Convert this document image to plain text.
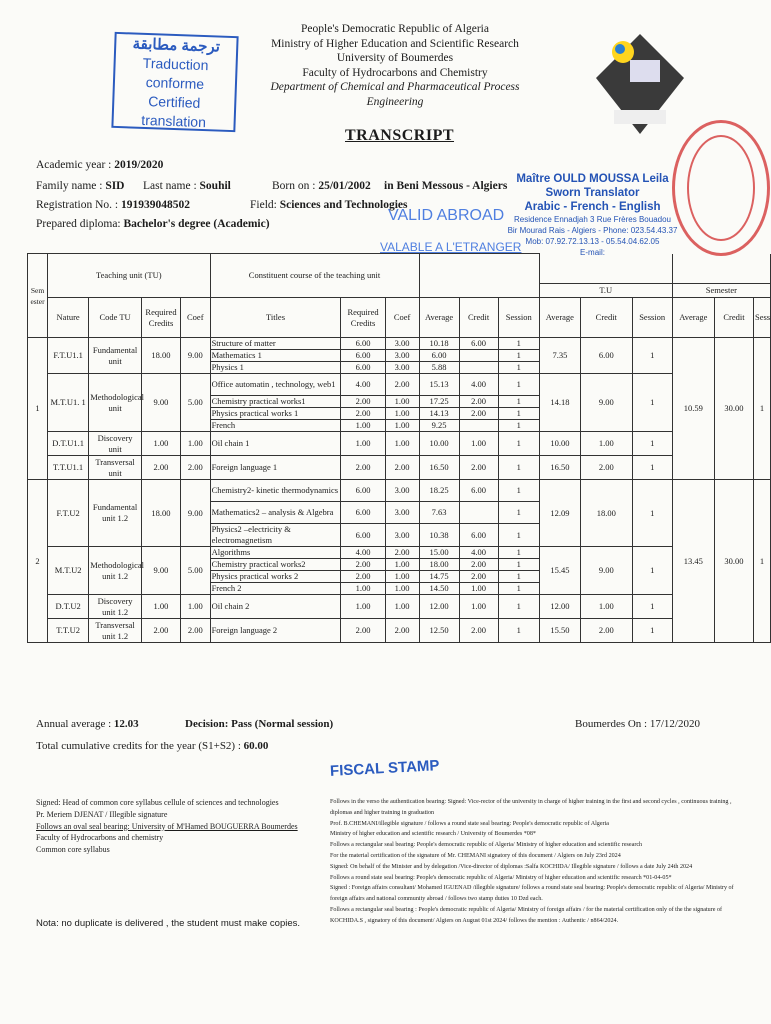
People's Democratic Republic of Algeria
Ministry of Higher Education and Scientific Research
University of Boumerdes
Faculty of Hydrocarbons and Chemistry
Department of Chemical and Pharmaceutical Process Engineering
TRANSCRIPT
ترجمة مطابقة
Traduction conforme
Certified translation
Academic year : 2019/2020
Family name : SID Last name : Souhil	Born on : 25/01/2002 in Beni Messous - Algiers
Registration No. : 191939048502	Field: Sciences and Technologies
Prepared diploma: Bachelor's degree (Academic)	VALID ABROAD
VALABLE A L'ETRANGER
Maître OULD MOUSSA Leila
Sworn Translator
Arabic - French - English
Residence Ennadjah 3 Rue Frères Bouadou
Bir Mourad Rais - Algiers - Phone: 023.54.43.37
Mob: 07.92.72.13.13 - 05.54.04.62.05
E-mail:
Sem ester	Teaching unit (TU)				Constituent course of the teaching unit											
											T.U			Semester		
	Nature	Code TU	Required Credits	Coef	Titles	Required Credits	Coef	Average	Credit	Session	Average	Credit	Session	Average	Credit	Sess
1	F.T.U1.1	Fundamental unit	18.00	9.00	Structure of matter	6.00	3.00	10.18	6.00	1	7.35	6.00	1	10.59	30.00	1
					Mathematics 1	6.00	3.00	6.00		1						
					Physics 1	6.00	3.00	5.88		1						
	M.T.U1. 1	Methodological unit	9.00	5.00	Office automatin , technology, web1	4.00	2.00	15.13	4.00	1	14.18	9.00	1			
					Chemistry practical works1	2.00	1.00	17.25	2.00	1						
					Physics practical works 1	2.00	1.00	14.13	2.00	1						
					French	1.00	1.00	9.25		1						
	D.T.U1.1	Discovery unit	1.00	1.00	Oil chain 1	1.00	1.00	10.00	1.00	1	10.00	1.00	1			
	T.T.U1.1	Transversal unit	2.00	2.00	Foreign language 1	2.00	2.00	16.50	2.00	1	16.50	2.00	1			
2	F.T.U2	Fundamental unit 1.2	18.00	9.00	Chemistry2- kinetic thermodynamics	6.00	3.00	18.25	6.00	1	12.09	18.00	1	13.45	30.00	1
					Mathematics2 – analysis & Algebra	6.00	3.00	7.63		1						
					Physics2 –electricity & electromagnetism	6.00	3.00	10.38	6.00	1						
	M.T.U2	Methodological unit 1.2	9.00	5.00	Algorithms	4.00	2.00	15.00	4.00	1	15.45	9.00	1			
					Chemistry practical works2	2.00	1.00	18.00	2.00	1						
					Physics practical works 2	2.00	1.00	14.75	2.00	1						
					French 2	1.00	1.00	14.50	1.00	1						
	D.T.U2	Discovery unit 1.2	1.00	1.00	Oil chain 2	1.00	1.00	12.00	1.00	1	12.00	1.00	1			
	T.T.U2	Transversal unit 1.2	2.00	2.00	Foreign language 2	2.00	2.00	12.50	2.00	1	15.50	2.00	1			
Annual average : 12.03	Decision: Pass (Normal session)	Boumerdes On : 17/12/2020
Total cumulative credits for the year (S1+S2) : 60.00
FISCAL STAMP
Signed: Head of common core syllabus cellule of sciences and technologies
Pr. Meriem DJENAT / Illegible signature
Follows an oval seal bearing: University of M'Hamed BOUGUERRA Boumerdes
Faculty of Hydrocarbons and chemistry
Common core syllabus
Nota: no duplicate is delivered , the student must make copies.
Follows in the verso the authentication bearing: Signed: Vice-rector of the university in charge of higher training in the first and second cycles , continuous training ,
diplomas and higher training in graduation
Prof. B.CHEMANI/illegible signature / follows a round state seal bearing: People's democratic republic of Algeria
Ministry of higher education and scientific research / University of Boumerdes *08*
Follows a rectangular seal bearing: People's democratic republic of Algeria/ Ministry of higher education and scientific research
For the material certification of the signature of Mr. CHEMANI signatory of this document / Algiers on July 23rd 2024
Signed: On behalf of the Minister and by delegation /Vice-director of diplomas :Salfa KOCHIDA/ Illegible signature / follows a date July 24th 2024
Follows a round state seal bearing: People's democratic republic of Algeria/ Ministry of higher education and scientific research *01-04-05*
Signed : Foreign affairs consultant/ Mohamed IGUENAD /illegible signature/ follows a round state seal bearing: People's democratic republic of Algeria/ Ministry of
foreign affairs and national community abroad / follows two stamp duties 10 Dzd each.
Follows a rectangular seal bearing : People's democratic republic of Algeria/ Ministry of foreign affairs / for the material certification only of the the signature of
KOCHIDA.S , signatory of this document/ Algiers on August 01st 2024/ follows the mention : Authentic / n864/2024.
